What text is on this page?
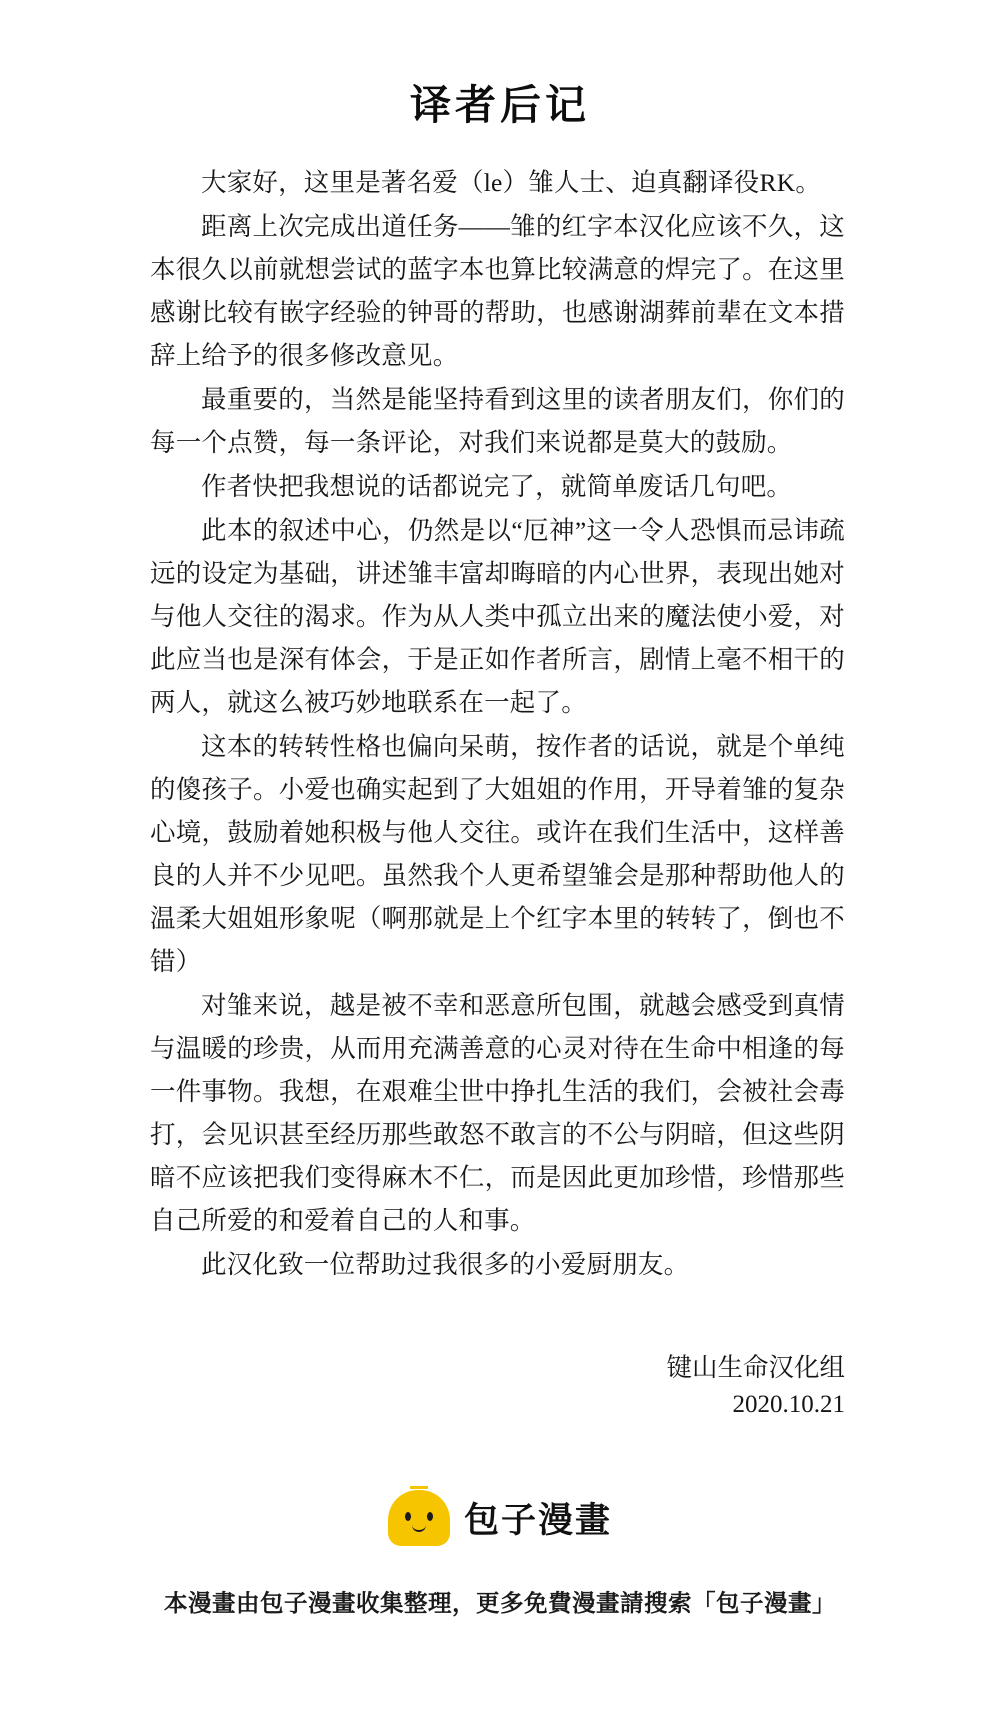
译者后记

大家好，这里是著名爱（le）雏人士、迫真翻译役RK。

距离上次完成出道任务——雏的红字本汉化应该不久，这本很久以前就想尝试的蓝字本也算比较满意的焊完了。在这里感谢比较有嵌字经验的钟哥的帮助，也感谢湖葬前辈在文本措辞上给予的很多修改意见。

最重要的，当然是能坚持看到这里的读者朋友们，你们的每一个点赞，每一条评论，对我们来说都是莫大的鼓励。

作者快把我想说的话都说完了，就简单废话几句吧。

此本的叙述中心，仍然是以“厄神”这一令人恐惧而忌讳疏远的设定为基础，讲述雏丰富却晦暗的内心世界，表现出她对与他人交往的渴求。作为从人类中孤立出来的魔法使小爱，对此应当也是深有体会，于是正如作者所言，剧情上毫不相干的两人，就这么被巧妙地联系在一起了。

这本的转转性格也偏向呆萌，按作者的话说，就是个单纯的傻孩子。小爱也确实起到了大姐姐的作用，开导着雏的复杂心境，鼓励着她积极与他人交往。或许在我们生活中，这样善良的人并不少见吧。虽然我个人更希望雏会是那种帮助他人的温柔大姐姐形象呢（啊那就是上个红字本里的转转了，倒也不错）

对雏来说，越是被不幸和恶意所包围，就越会感受到真情与温暖的珍贵，从而用充满善意的心灵对待在生命中相逢的每一件事物。我想，在艰难尘世中挣扎生活的我们，会被社会毒打，会见识甚至经历那些敢怒不敢言的不公与阴暗，但这些阴暗不应该把我们变得麻木不仁，而是因此更加珍惜，珍惜那些自己所爱的和爱着自己的人和事。

此汉化致一位帮助过我很多的小爱厨朋友。

键山生命汉化组
2020.10.21
包子漫畫
本漫畫由包子漫畫收集整理，更多免費漫畫請搜索「包子漫畫」
